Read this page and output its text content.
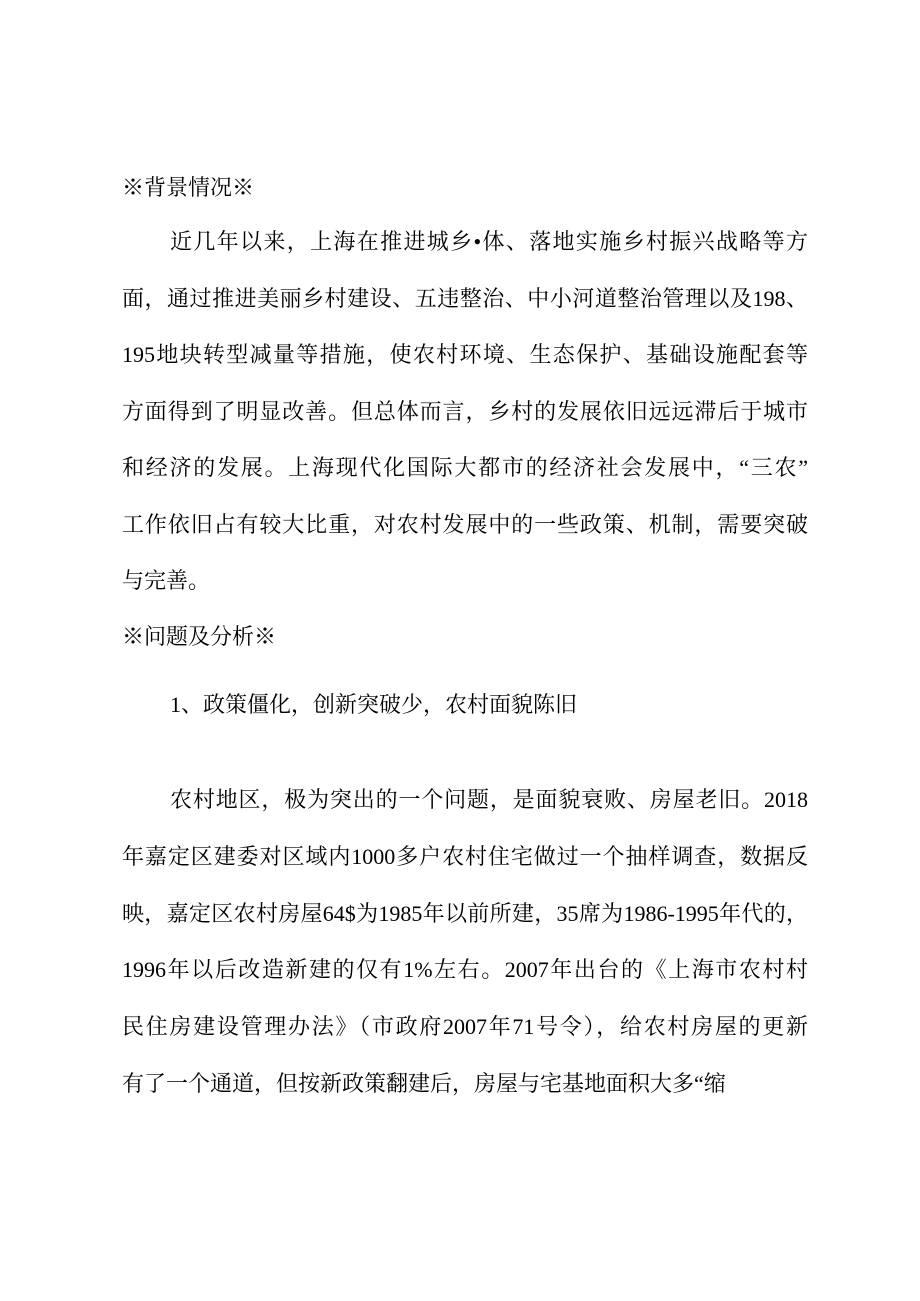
※背景情况※
近几年以来，上海在推进城乡•体、落地实施乡村振兴战略等方
面，通过推进美丽乡村建设、五违整治、中小河道整治管理以及198、
195地块转型减量等措施，使农村环境、生态保护、基础设施配套等
方面得到了明显改善。但总体而言，乡村的发展依旧远远滞后于城市
和经济的发展。上海现代化国际大都市的经济社会发展中，“三农”
工作依旧占有较大比重，对农村发展中的一些政策、机制，需要突破
与完善。
※问题及分析※
1、政策僵化，创新突破少，农村面貌陈旧
农村地区，极为突出的一个问题，是面貌衰败、房屋老旧。2018
年嘉定区建委对区域内1000多户农村住宅做过一个抽样调查，数据反
映，嘉定区农村房屋64$为1985年以前所建，35席为1986-1995年代的，
1996年以后改造新建的仅有1%左右。2007年出台的《上海市农村村
民住房建设管理办法》（市政府2007年71号令），给农村房屋的更新
有了一个通道，但按新政策翻建后，房屋与宅基地面积大多“缩
